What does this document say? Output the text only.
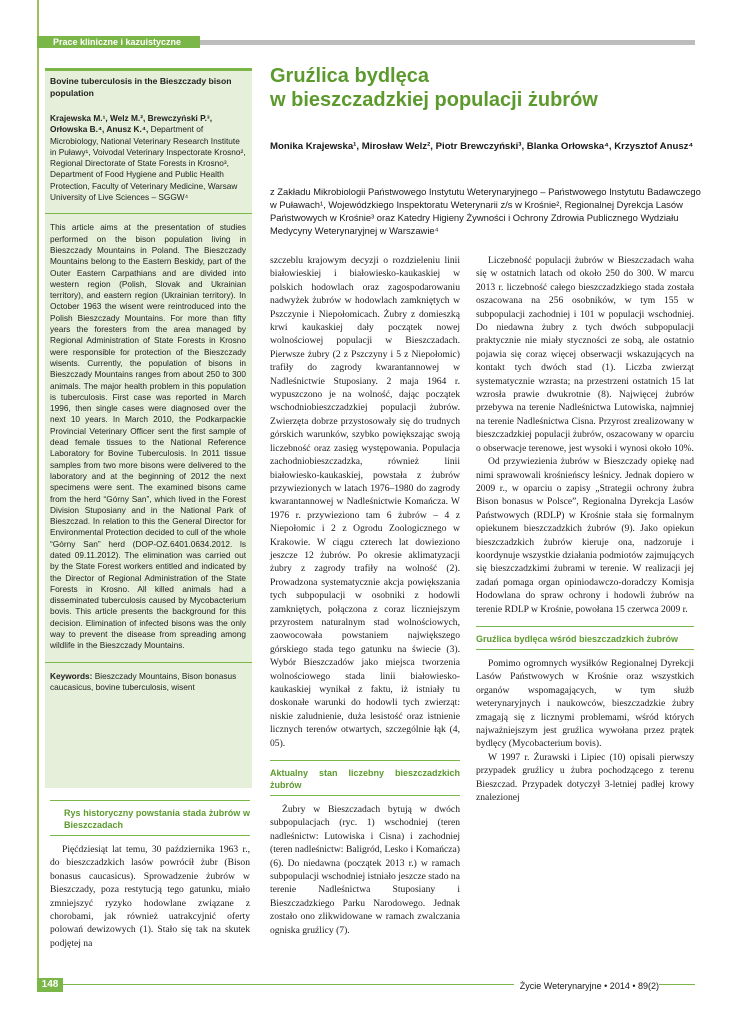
Prace kliniczne i kazuistyczne
Bovine tuberculosis in the Bieszczady bison population
Krajewska M.¹, Welz M.², Brewczyński P.³, Orłowska B.⁴, Anusz K.⁴, Department of Microbiology, National Veterinary Research Institute in Puławy¹, Voivodal Veterinary Inspectorate Krosno², Regional Directorate of State Forests in Krosno³, Department of Food Hygiene and Public Health Protection, Faculty of Veterinary Medicine, Warsaw University of Live Sciences – SGGW⁴
This article aims at the presentation of studies performed on the bison population living in Bieszczady Mountains in Poland. The Bieszczady Mountains belong to the Eastern Beskidy, part of the Outer Eastern Carpathians and are divided into western region (Polish, Slovak and Ukrainian territory), and eastern region (Ukrainian territory). In October 1963 the wisent were reintroduced into the Polish Bieszczady Mountains. For more than fifty years the foresters from the area managed by Regional Administration of State Forests in Krosno were responsible for protection of the Bieszczady wisents. Currently, the population of bisons in Bieszczady Mountains ranges from about 250 to 300 animals. The major health problem in this population is tuberculosis. First case was reported in March 1996, then single cases were diagnosed over the next 10 years. In March 2010, the Podkarpackie Provincial Veterinary Officer sent the first sample of dead female tissues to the National Reference Laboratory for Bovine Tuberculosis. In 2011 tissue samples from two more bisons were delivered to the laboratory and at the beginning of 2012 the next specimens were sent. The examined bisons came from the herd “Górny San”, which lived in the Forest Division Stuposiany and in the National Park of Bieszczad. In relation to this the General Director for Environmental Protection decided to cull of the whole “Górny San” herd (DOP-OZ.6401.0634.2012. ls dated 09.11.2012). The elimination was carried out by the State Forest workers entitled and indicated by the Director of Regional Administration of the State Forests in Krosno. All killed animals had a disseminated tuberculosis caused by Mycobacterium bovis. This article presents the background for this decision. Elimination of infected bisons was the only way to prevent the disease from spreading among wildlife in the Bieszczady Mountains.
Keywords: Bieszczady Mountains, Bison bonasus caucasicus, bovine tuberculosis, wisent
Gruźlica bydlęca
w bieszczadzkiej populacji żubrów
Monika Krajewska¹, Mirosław Welz², Piotr Brewczyński³, Blanka Orłowska⁴, Krzysztof Anusz⁴
z Zakładu Mikrobiologii Państwowego Instytutu Weterynaryjnego – Państwowego Instytutu Badawczego w Puławach¹, Wojewódzkiego Inspektoratu Weterynarii z/s w Krośnie², Regionalnej Dyrekcja Lasów Państwowych w Krośnie³ oraz Katedry Higieny Żywności i Ochrony Zdrowia Publicznego Wydziału Medycyny Weterynaryjnej w Warszawie⁴
Rys historyczny powstania stada żubrów w Bieszczadach

Pięćdziesiąt lat temu, 30 października 1963 r., do bieszczadzkich lasów powrócił żubr (Bison bonasus caucasicus). Sprowadzenie żubrów w Bieszczady, poza restytucją tego gatunku, miało zmniejszyć ryzyko hodowlane związane z chorobami, jak również uatrakcyjnić oferty polowań dewizowych (1). Stało się tak na skutek podjętej na

szczeblu krajowym decyzji o rozdzieleniu linii białowieskiej i białowiesko-kaukaskiej w polskich hodowlach oraz zagospodarowaniu nadwyżek żubrów w hodowlach zamkniętych w Pszczynie i Niepołomicach. Żubry z domieszką krwi kaukaskiej dały początek nowej wolnościowej populacji w Bieszczadach. Pierwsze żubry (2 z Pszczyny i 5 z Niepołomic) trafiły do zagrody kwarantannowej w Nadleśnictwie Stuposiany. 2 maja 1964 r. wypuszczono je na wolność, dając początek wschodniobieszczadzkiej populacji żubrów. Zwierzęta dobrze przystosowały się do trudnych górskich warunków, szybko powiększając swoją liczebność oraz zasięg występowania. Populacja zachodniobieszczadzka, również linii białowiesko-kaukaskiej, powstała z żubrów przywiezionych w latach 1976–1980 do zagrody kwarantannowej w Nadleśnictwie Komańcza. W 1976 r. przywieziono tam 6 żubrów – 4 z Niepołomic i 2 z Ogrodu Zoologicznego w Krakowie. W ciągu czterech lat dowieziono jeszcze 12 żubrów. Po okresie aklimatyzacji żubry z zagrody trafiły na wolność (2). Prowadzona systematycznie akcja powiększania tych subpopulacji w osobniki z hodowli zamkniętych, połączona z coraz liczniejszym przyrostem naturalnym stad wolnościowych, zaowocowała powstaniem największego górskiego stada tego gatunku na świecie (3). Wybór Bieszczadów jako miejsca tworzenia wolnościowego stada linii białowiesko-kaukaskiej wynikał z faktu, iż istniały tu doskonałe warunki do hodowli tych zwierząt: niskie zaludnienie, duża lesistość oraz istnienie licznych terenów otwartych, szczególnie łąk (4, 05).

Aktualny stan liczebny bieszczadzkich żubrów

Żubry w Bieszczadach bytują w dwóch subpopulacjach (ryc. 1) wschodniej (teren nadleśnictw: Lutowiska i Cisna) i zachodniej (teren nadleśnictw: Baligród, Lesko i Komańcza) (6). Do niedawna (początek 2013 r.) w ramach subpopulacji wschodniej istniało jeszcze stado na terenie Nadleśnictwa Stuposiany i Bieszczadzkiego Parku Narodowego. Jednak zostało ono zlikwidowane w ramach zwalczania ogniska gruźlicy (7).

Liczebność populacji żubrów w Bieszczadach waha się w ostatnich latach od około 250 do 300. W marcu 2013 r. liczebność całego bieszczadzkiego stada została oszacowana na 256 osobników, w tym 155 w subpopulacji zachodniej i 101 w populacji wschodniej. Do niedawna żubry z tych dwóch subpopulacji praktycznie nie miały styczności ze sobą, ale ostatnio pojawia się coraz więcej obserwacji wskazujących na kontakt tych dwóch stad (1). Liczba zwierząt systematycznie wzrasta; na przestrzeni ostatnich 15 lat wzrosła prawie dwukrotnie (8). Najwięcej żubrów przebywa na terenie Nadleśnictwa Lutowiska, najmniej na terenie Nadleśnictwa Cisna. Przyrost zrealizowany w bieszczadzkiej populacji żubrów, oszacowany w oparciu o obserwacje terenowe, jest wysoki i wynosi około 10%.

Od przywiezienia żubrów w Bieszczady opiekę nad nimi sprawowali krośnieńscy leśnicy. Jednak dopiero w 2009 r., w oparciu o zapisy „Strategii ochrony żubra Bison bonasus w Polsce”, Regionalna Dyrekcja Lasów Państwowych (RDLP) w Krośnie stała się formalnym opiekunem bieszczadzkich żubrów (9). Jako opiekun bieszczadzkich żubrów kieruje ona, nadzoruje i koordynuje wszystkie działania podmiotów zajmujących się bieszczadzkimi żubrami w terenie. W realizacji jej zadań pomaga organ opiniodawczo-doradczy Komisja Hodowlana do spraw ochrony i hodowli żubrów na terenie RDLP w Krośnie, powołana 15 czerwca 2009 r.

Gruźlica bydlęca wśród bieszczadzkich żubrów

Pomimo ogromnych wysiłków Regionalnej Dyrekcji Lasów Państwowych w Krośnie oraz wszystkich organów wspomagających, w tym służb weterynaryjnych i naukowców, bieszczadzkie żubry zmagają się z licznymi problemami, wśród których najważniejszym jest gruźlica wywołana przez prątek bydlęcy (Mycobacterium bovis).

W 1997 r. Żurawski i Lipiec (10) opisali pierwszy przypadek gruźlicy u żubra pochodzącego z terenu Bieszczad. Przypadek dotyczył 3-letniej padłej krowy znalezionej

148	Życie Weterynaryjne • 2014 • 89(2)
